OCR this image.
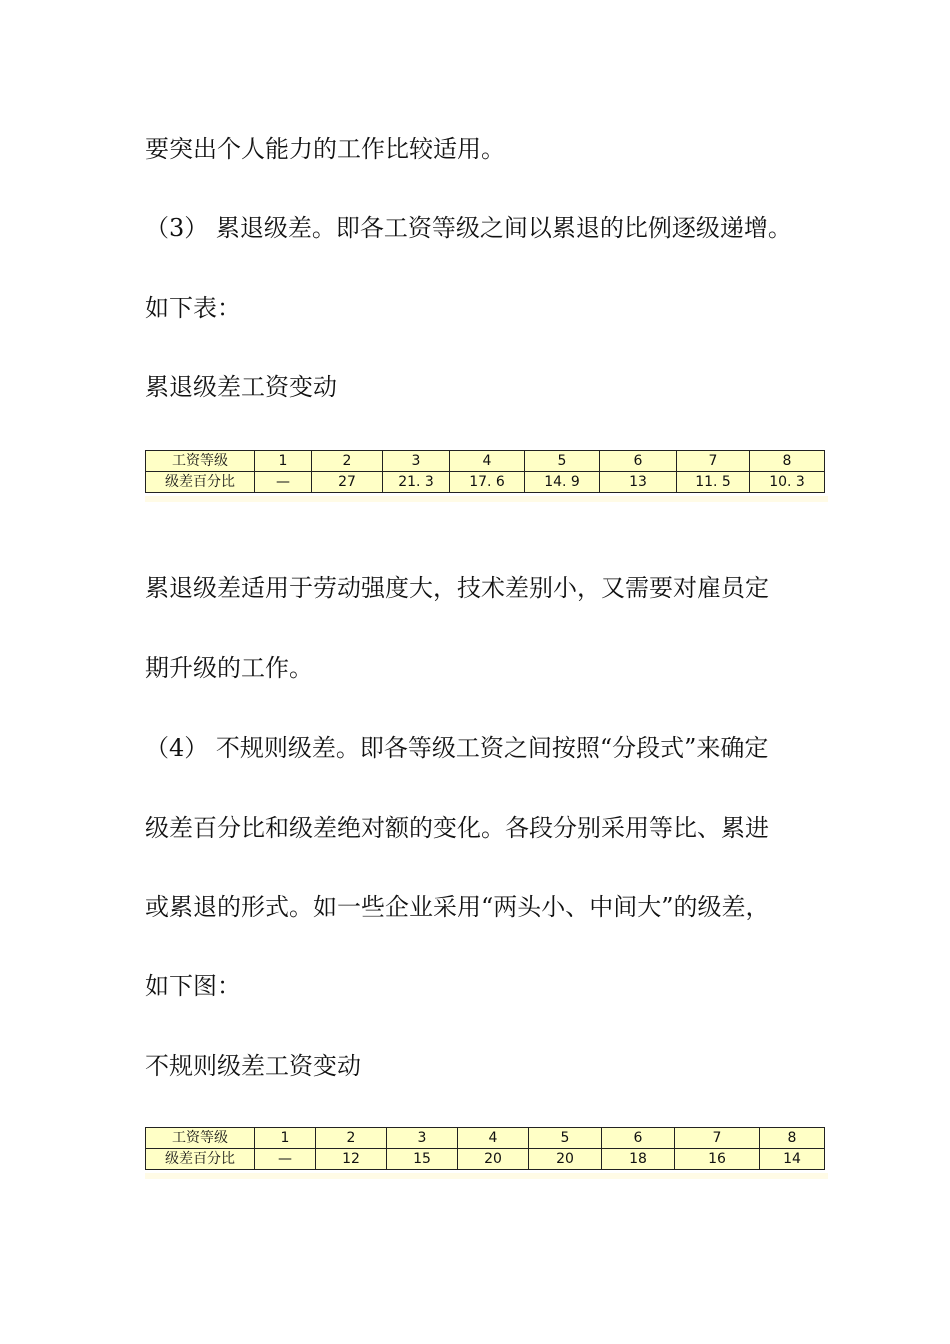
要突出个人能力的工作比较适用。

（3） 累退级差。即各工资等级之间以累退的比例逐级递增。

如下表：

累退级差工资变动

工资等级	1	2	3	4	5	6	7	8
级差百分比	—	27	21. 3	17. 6	14. 9	13	11. 5	10. 3

累退级差适用于劳动强度大，技术差别小，又需要对雇员定

期升级的工作。

（4） 不规则级差。即各等级工资之间按照“分段式”来确定

级差百分比和级差绝对额的变化。各段分别采用等比、累进

或累退的形式。如一些企业采用“两头小、中间大”的级差，

如下图：

不规则级差工资变动

工资等级	1	2	3	4	5	6	7	8
级差百分比	—	12	15	20	20	18	16	14
